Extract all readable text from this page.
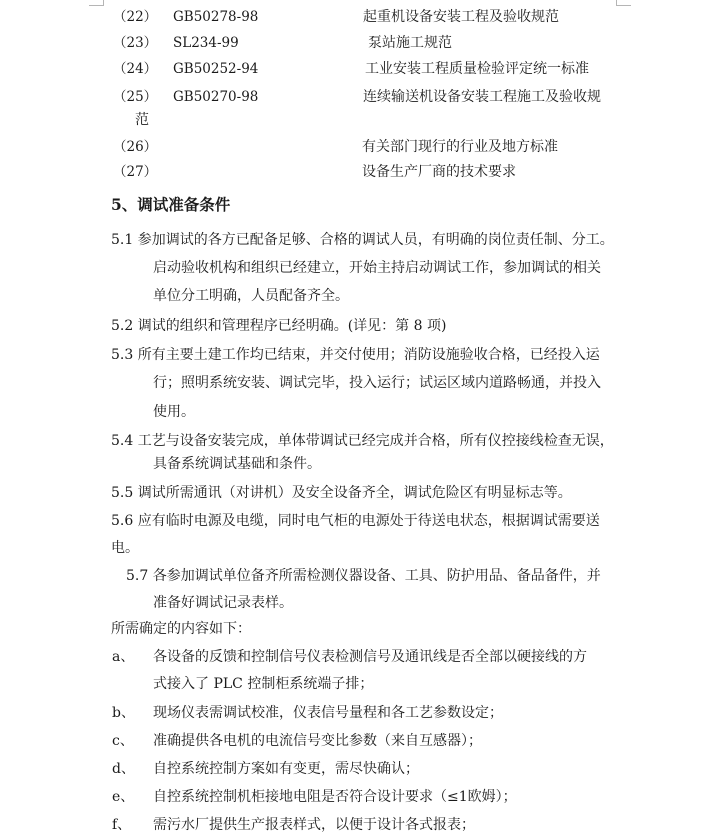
（22） GB50278-98	起重机设备安装工程及验收规范
（23） SL234-99	泵站施工规范
（24） GB50252-94	工业安装工程质量检验评定统一标准
（25） GB50270-98	连续输送机设备安装工程施工及验收规
范
（26）	有关部门现行的行业及地方标准
（27）	设备生产厂商的技术要求
5、调试准备条件
5.1 参加调试的各方已配备足够、合格的调试人员，有明确的岗位责任制、分工。
启动验收机构和组织已经建立，开始主持启动调试工作，参加调试的相关
单位分工明确，人员配备齐全。
5.2 调试的组织和管理程序已经明确。(详见：第 8 项)
5.3 所有主要土建工作均已结束，并交付使用；消防设施验收合格，已经投入运
行；照明系统安装、调试完毕，投入运行；试运区域内道路畅通，并投入
使用。
5.4 工艺与设备安装完成，单体带调试已经完成并合格，所有仪控接线检查无误，
具备系统调试基础和条件。
5.5 调试所需通讯（对讲机）及安全设备齐全，调试危险区有明显标志等。
5.6 应有临时电源及电缆，同时电气柜的电源处于待送电状态，根据调试需要送
电。
5.7 各参加调试单位备齐所需检测仪器设备、工具、防护用品、备品备件，并
准备好调试记录表样。
所需确定的内容如下：
a、 各设备的反馈和控制信号仪表检测信号及通讯线是否全部以硬接线的方
式接入了 PLC 控制柜系统端子排；
b、 现场仪表需调试校准，仪表信号量程和各工艺参数设定；
c、 准确提供各电机的电流信号变比参数（来自互感器）；
d、 自控系统控制方案如有变更，需尽快确认；
e、 自控系统控制机柜接地电阻是否符合设计要求（≤1欧姆）；
f、 需污水厂提供生产报表样式，以便于设计各式报表；
